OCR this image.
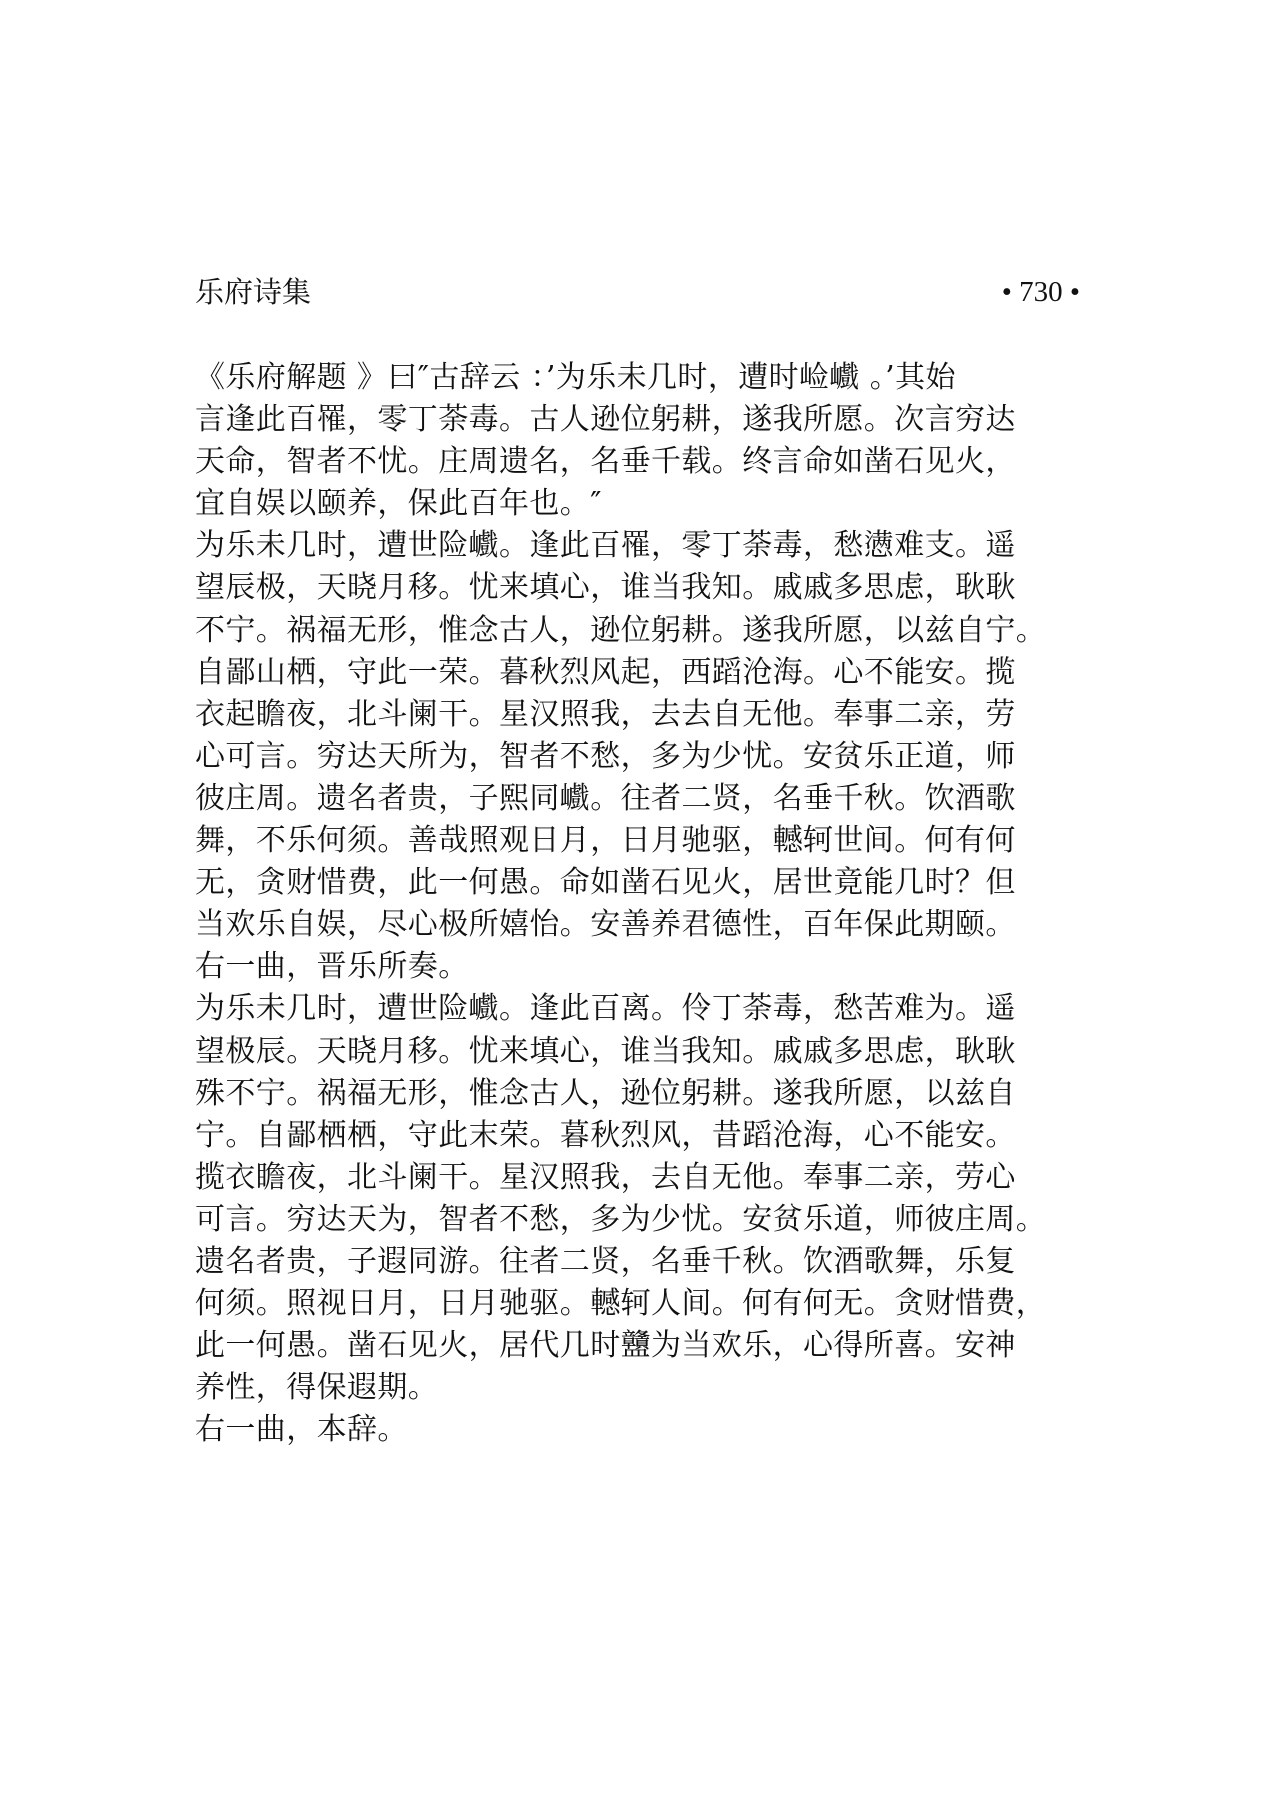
乐府诗集	• 730 •
《乐府解题 》曰″古辞云 ：’为乐未几时，遭时崄巇 。’其始
言逢此百罹，零丁荼毒。古人逊位躬耕，遂我所愿。次言穷达
天命，智者不忧。庄周遗名，名垂千载。终言命如凿石见火，
宜自娱以颐养，保此百年也。″
为乐未几时，遭世险巇。逢此百罹，零丁荼毒，愁懑难支。遥
望辰极，天晓月移。忧来填心，谁当我知。戚戚多思虑，耿耿
不宁。祸福无形，惟念古人，逊位躬耕。遂我所愿，以兹自宁。
自鄙山栖，守此一荣。暮秋烈风起，西蹈沧海。心不能安。揽
衣起瞻夜，北斗阑干。星汉照我，去去自无他。奉事二亲，劳
心可言。穷达天所为，智者不愁，多为少忧。安贫乐正道，师
彼庄周。遗名者贵，子熙同巇。往者二贤，名垂千秋。饮酒歌
舞，不乐何须。善哉照观日月，日月驰驱，轗轲世间。何有何
无，贪财惜费，此一何愚。命如凿石见火，居世竟能几时？但
当欢乐自娱，尽心极所嬉怡。安善养君德性，百年保此期颐。
右一曲，晋乐所奏。
为乐未几时，遭世险巇。逢此百离。伶丁荼毒，愁苦难为。遥
望极辰。天晓月移。忧来填心，谁当我知。戚戚多思虑，耿耿
殊不宁。祸福无形，惟念古人，逊位躬耕。遂我所愿，以兹自
宁。自鄙栖栖，守此末荣。暮秋烈风，昔蹈沧海，心不能安。
揽衣瞻夜，北斗阑干。星汉照我，去自无他。奉事二亲，劳心
可言。穷达天为，智者不愁，多为少忧。安贫乐道，师彼庄周。
遗名者贵，子遐同游。往者二贤，名垂千秋。饮酒歌舞，乐复
何须。照视日月，日月驰驱。轗轲人间。何有何无。贪财惜费，
此一何愚。凿石见火，居代几时䀍为当欢乐，心得所喜。安神
养性，得保遐期。
右一曲，本辞。
